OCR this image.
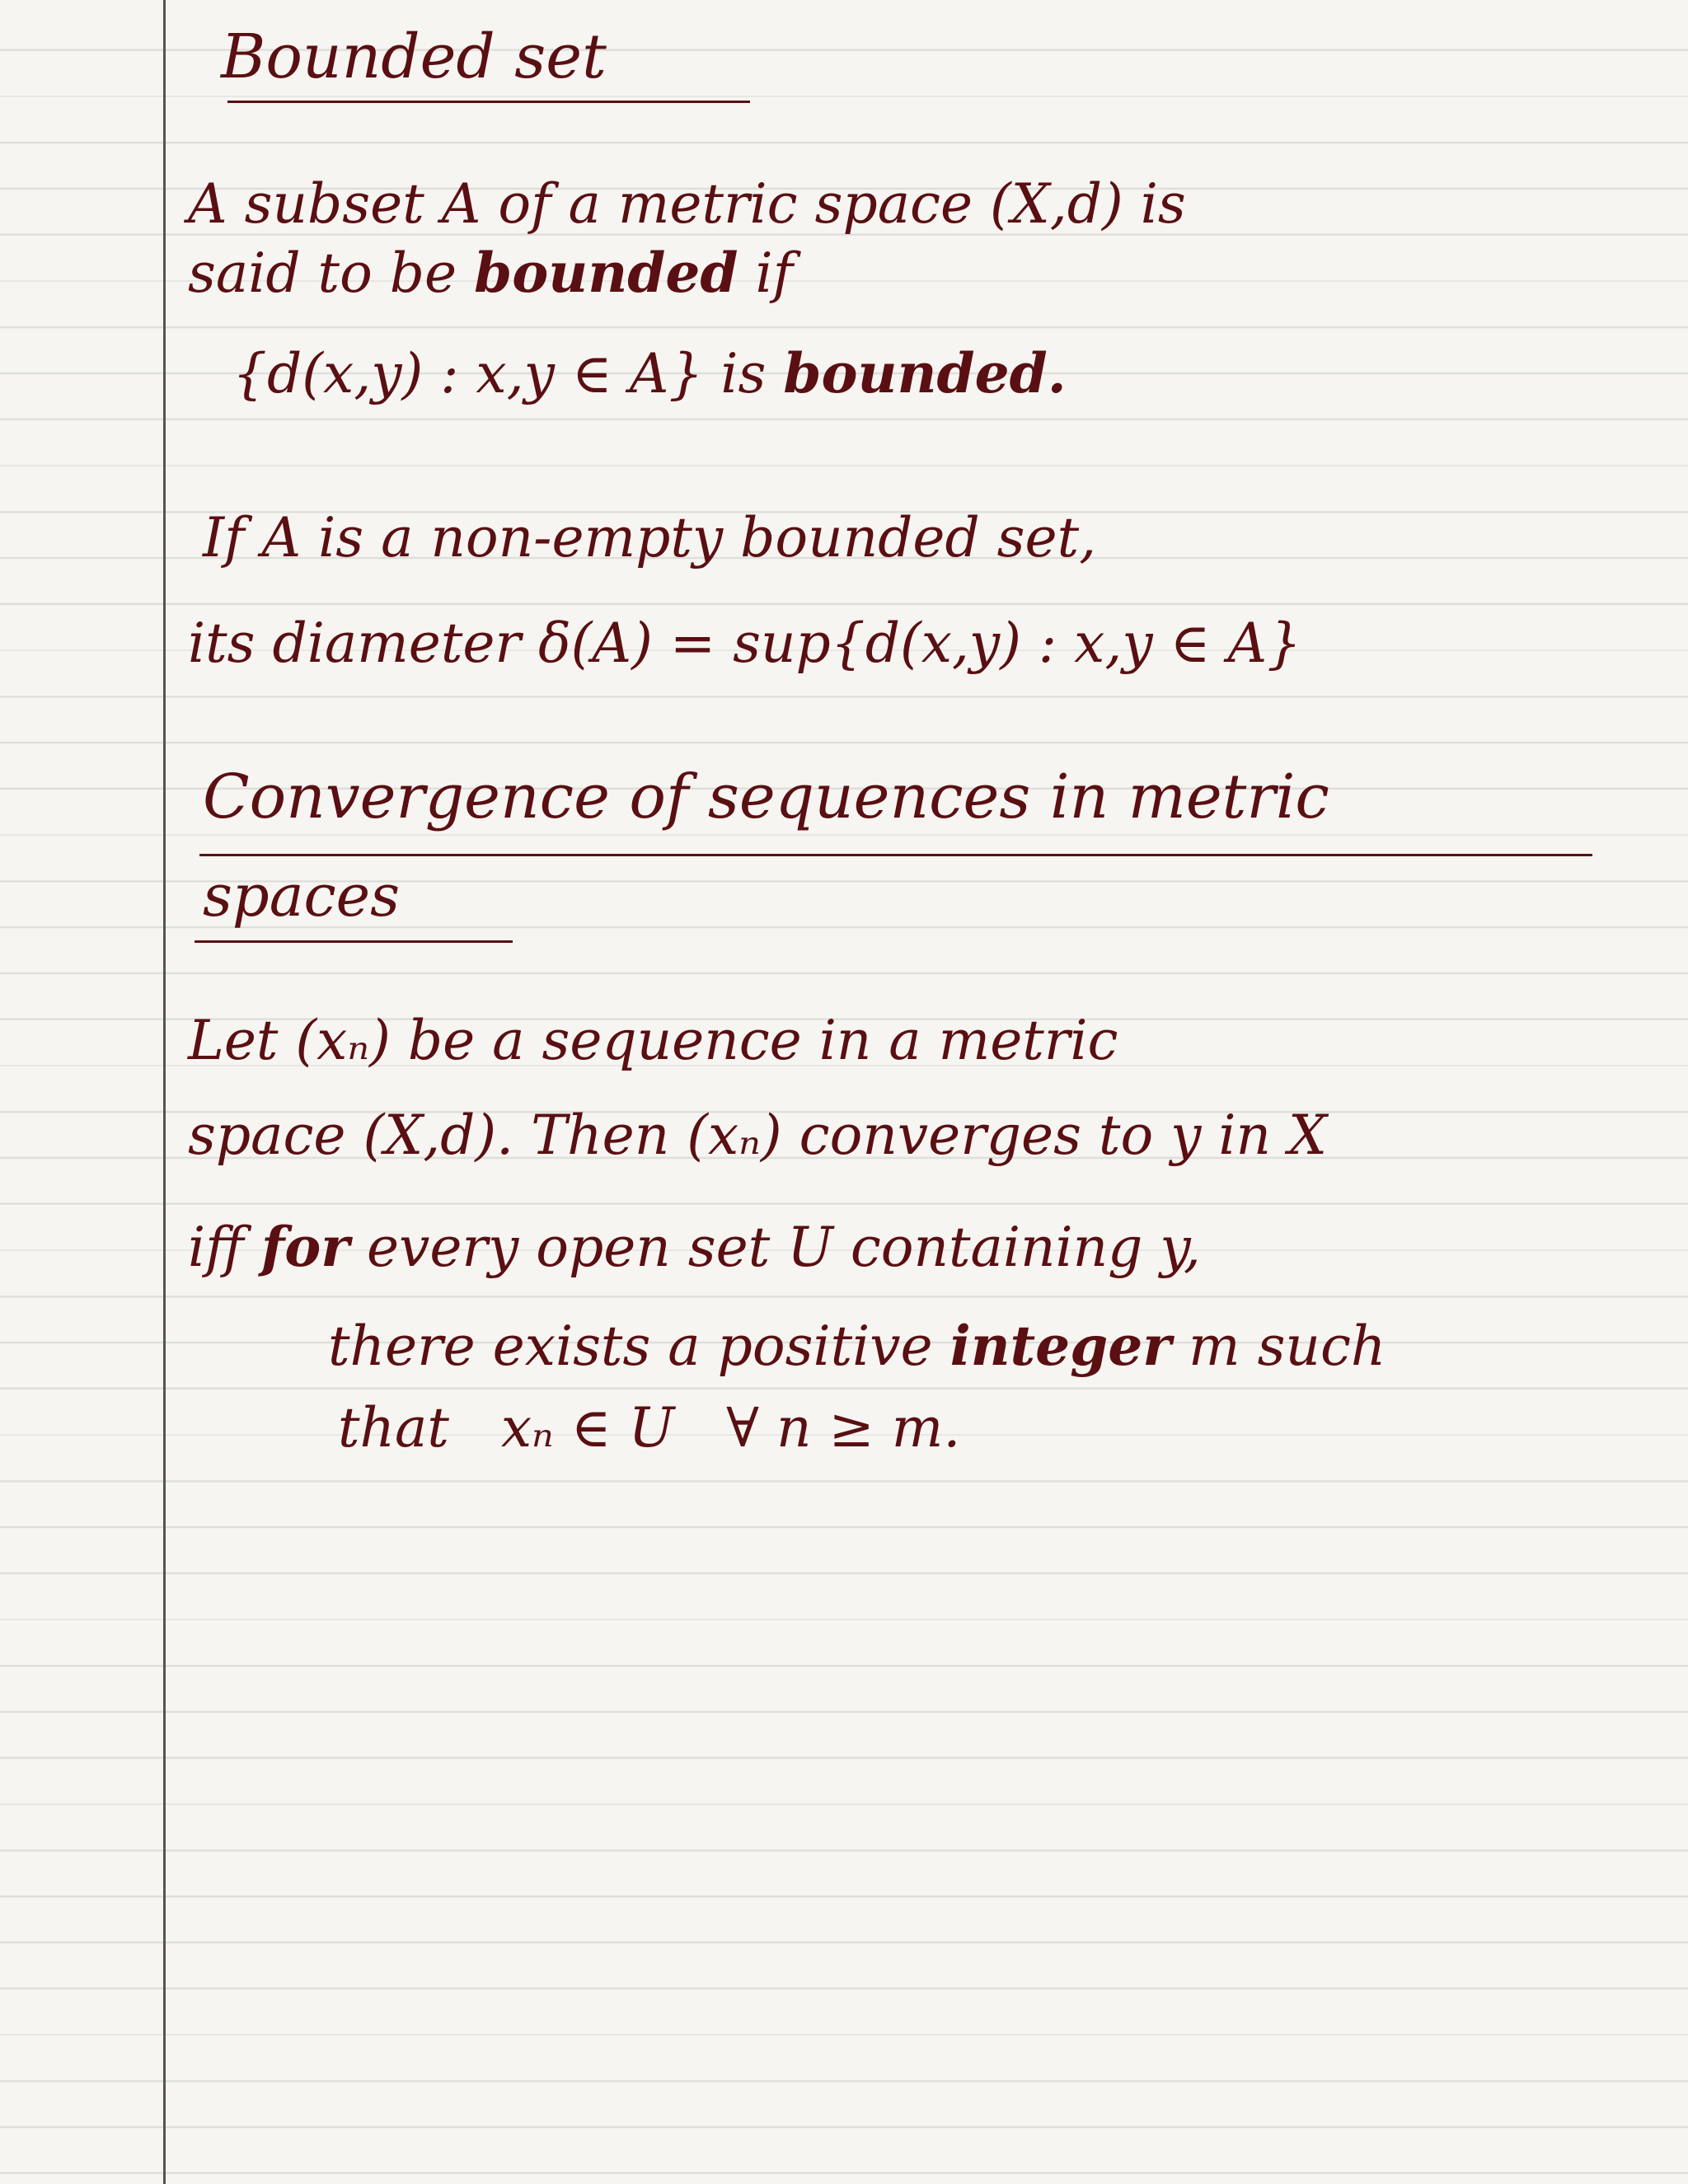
Bounded set
A subset A of a metric space (X,d) is
said to be bounded if
{d(x,y) : x,y ∈ A} is bounded.
If A is a non-empty bounded set,
its diameter δ(A) = sup{d(x,y) : x,y ∈ A}
Convergence of sequences in metric
spaces
Let (xₙ) be a sequence in a metric
space (X,d). Then (xₙ) converges to y in X
iff for every open set U containing y,
there exists a positive integer m such
that   xₙ ∈ U   ∀ n ≥ m.
